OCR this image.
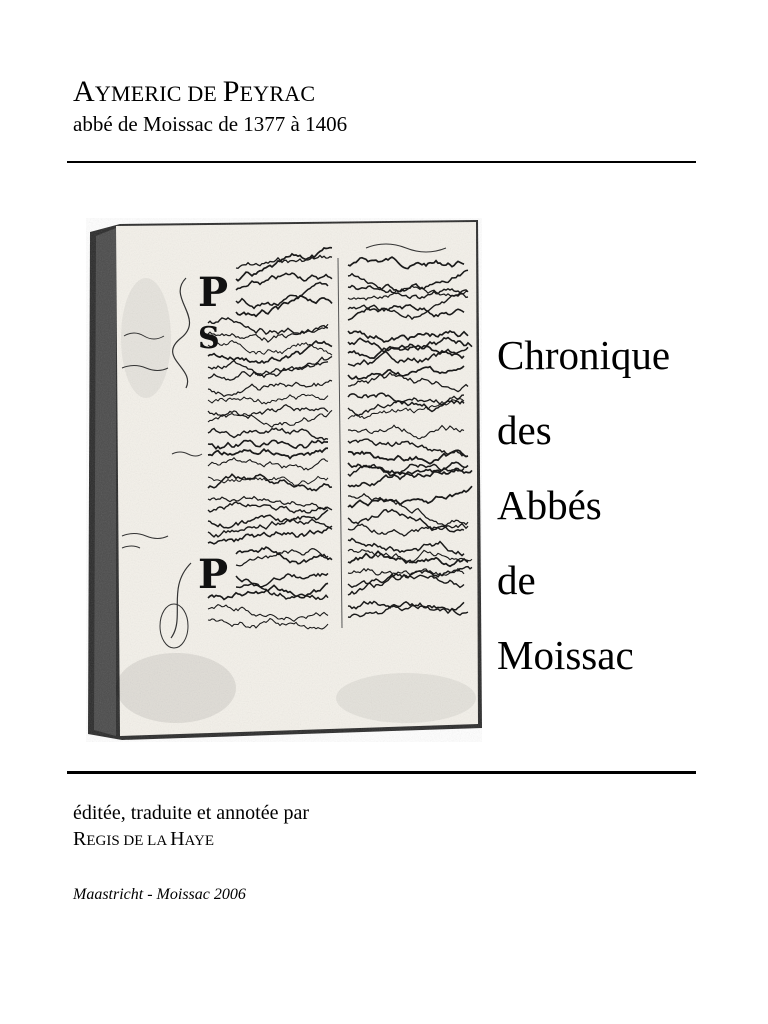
AYMERIC DE PEYRAC
abbé de Moissac de 1377 à 1406
P
S
P
Chronique
des
Abbés
de
Moissac
éditée, traduite et annotée par
REGIS DE LA HAYE
Maastricht - Moissac 2006
